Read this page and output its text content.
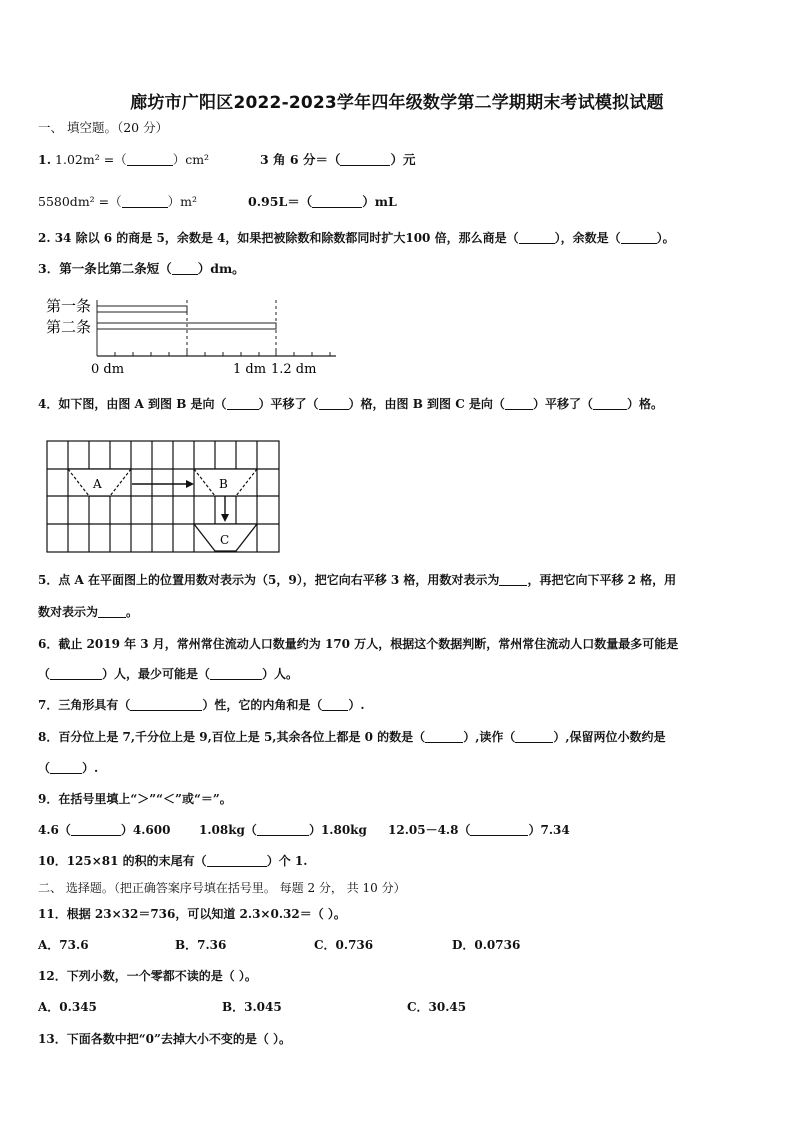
廊坊市广阳区2022-2023学年四年级数学第二学期期末考试模拟试题
一、 填空题。（20 分）
1. 1.02m² =（	）cm²	3 角 6 分＝（	）元
5580dm² =（	）m²	0.95L＝（	）mL
2. 34 除以 6 的商是 5，余数是 4，如果把被除数和除数都同时扩大100 倍，那么商是（	），余数是（	）。
3．第一条比第二条短（ ）dm。
第一条
第二条
0 dm	1 dm 1.2 dm
4．如下图，由图 A 到图 B 是向（	）平移了（	）格，由图 B 到图 C 是向（ ）平移了（	）格。
A	B
C
5．点 A 在平面图上的位置用数对表示为（5，9），把它向右平移 3 格，用数对表示为 ，再把它向下平移 2 格，用
数对表示为 。
6．截止 2019 年 3 月，常州常住流动人口数量约为 170 万人，根据这个数据判断，常州常住流动人口数量最多可能是
（	）人，最少可能是（	）人。
7．三角形具有（	）性，它的内角和是（ ）.
8．百分位上是 7,千分位上是 9,百位上是 5,其余各位上都是 0 的数是（	）,读作（	）,保留两位小数约是
（	）.
9．在括号里填上“＞”“＜”或“＝”。
4.6（	）4.600 1.08kg（	）1.80kg 12.05－4.8（	）7.34
10．125×81 的积的末尾有（	）个 1.
二、 选择题。（把正确答案序号填在括号里。 每题 2 分， 共 10 分）
11．根据 23×32＝736，可以知道 2.3×0.32＝（ ）。
A．73.6	B．7.36	C．0.736	D．0.0736
12．下列小数，一个零都不读的是（ ）。
A．0.345	B．3.045	C．30.45
13．下面各数中把“0”去掉大小不变的是（ ）。
